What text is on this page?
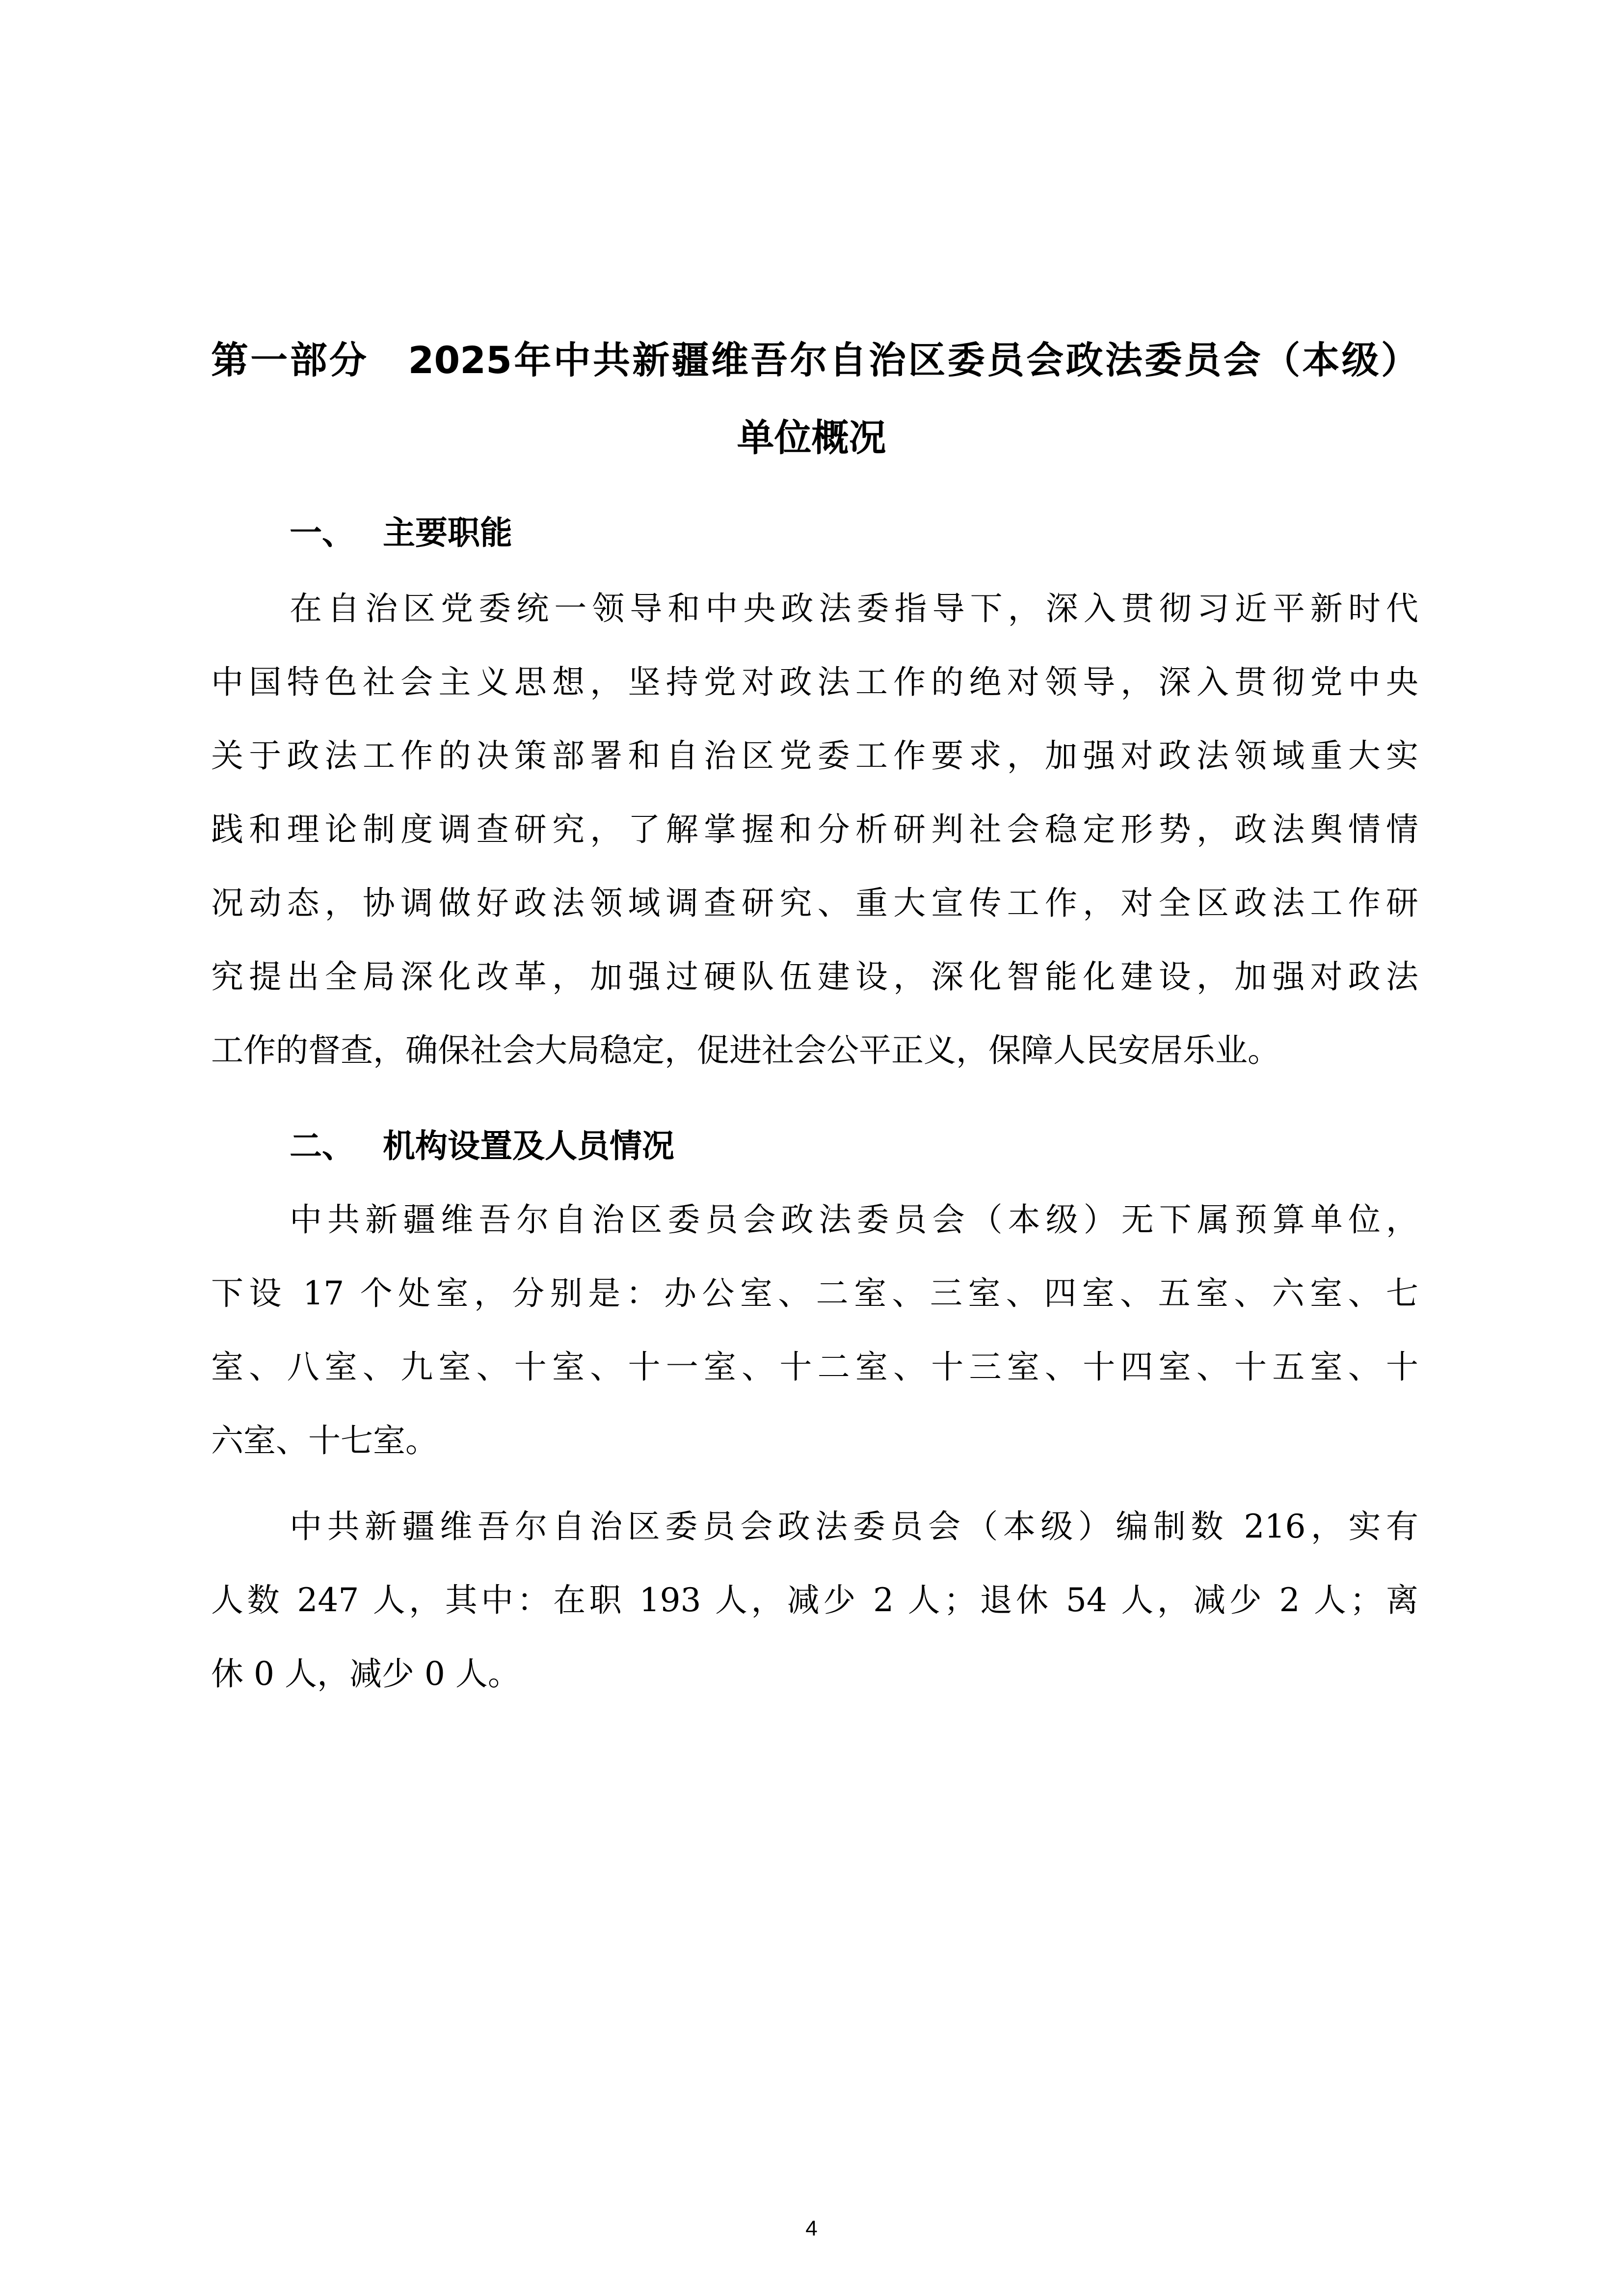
第一部分　2025年中共新疆维吾尔自治区委员会政法委员会（本级）
单位概况
一、 主要职能
在自治区党委统一领导和中央政法委指导下，深入贯彻习近平新时代
中国特色社会主义思想，坚持党对政法工作的绝对领导，深入贯彻党中央
关于政法工作的决策部署和自治区党委工作要求，加强对政法领域重大实
践和理论制度调查研究，了解掌握和分析研判社会稳定形势，政法舆情情
况动态，协调做好政法领域调查研究、重大宣传工作，对全区政法工作研
究提出全局深化改革，加强过硬队伍建设，深化智能化建设，加强对政法
工作的督查，确保社会大局稳定，促进社会公平正义，保障人民安居乐业。
二、 机构设置及人员情况
中共新疆维吾尔自治区委员会政法委员会（本级）无下属预算单位，
下设 17 个处室，分别是：办公室、二室、三室、四室、五室、六室、七
室、八室、九室、十室、十一室、十二室、十三室、十四室、十五室、十
六室、十七室。
中共新疆维吾尔自治区委员会政法委员会（本级）编制数 216，实有
人数 247 人，其中：在职 193 人，减少 2 人；退休 54 人，减少 2 人；离
休 0 人，减少 0 人。
4
